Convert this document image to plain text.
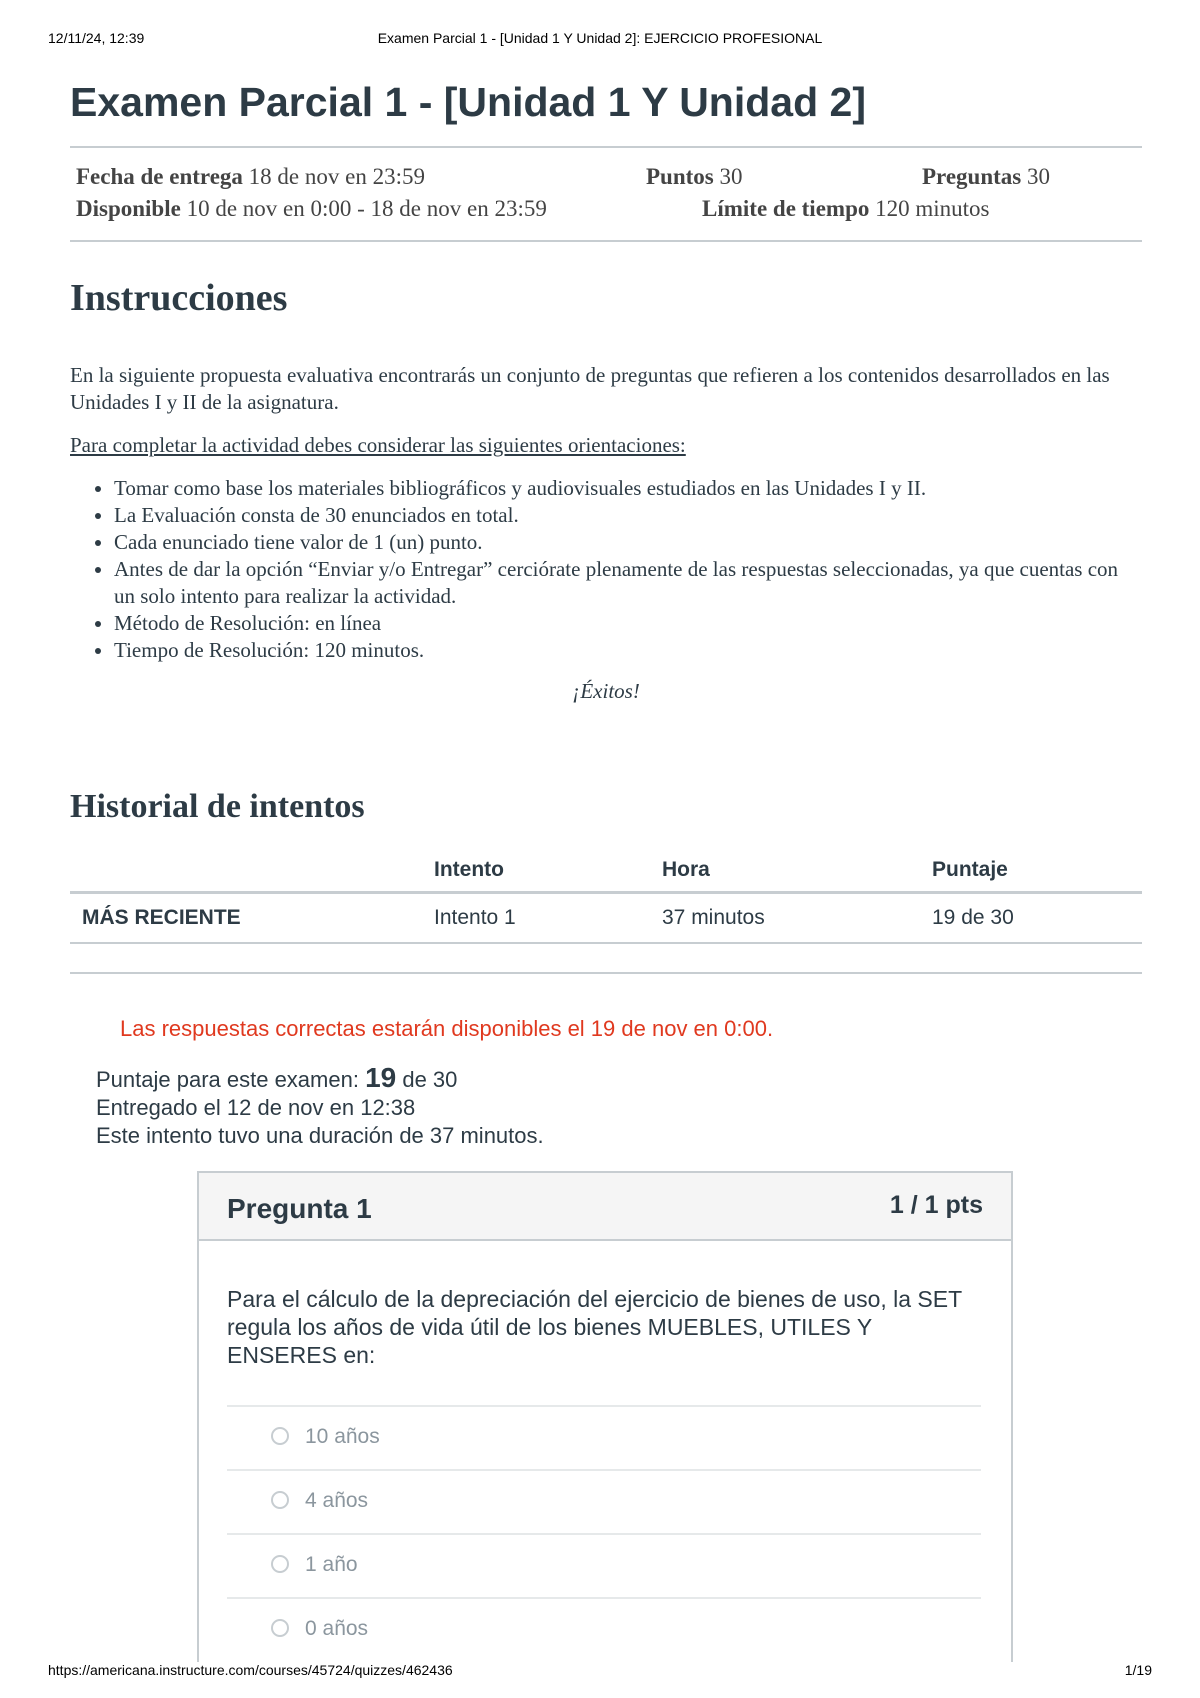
12/11/24, 12:39	Examen Parcial 1 - [Unidad 1 Y Unidad 2]: EJERCICIO PROFESIONAL
Examen Parcial 1 - [Unidad 1 Y Unidad 2]
Fecha de entrega 18 de nov en 23:59	Puntos 30	Preguntas 30
Disponible 10 de nov en 0:00 - 18 de nov en 23:59	Límite de tiempo 120 minutos
Instrucciones

En la siguiente propuesta evaluativa encontrarás un conjunto de preguntas que refieren a los contenidos desarrollados en las Unidades I y II de la asignatura.

Para completar la actividad debes considerar las siguientes orientaciones:

• Tomar como base los materiales bibliográficos y audiovisuales estudiados en las Unidades I y II.
• La Evaluación consta de 30 enunciados en total.
• Cada enunciado tiene valor de 1 (un) punto.
• Antes de dar la opción “Enviar y/o Entregar” cerciórate plenamente de las respuestas seleccionadas, ya que cuentas con un solo intento para realizar la actividad.
• Método de Resolución: en línea
• Tiempo de Resolución: 120 minutos.

¡Éxitos!

Historial de intentos
	Intento	Hora	Puntaje
MÁS RECIENTE	Intento 1	37 minutos	19 de 30
Las respuestas correctas estarán disponibles el 19 de nov en 0:00.
Puntaje para este examen: 19 de 30
Entregado el 12 de nov en 12:38
Este intento tuvo una duración de 37 minutos.
Pregunta 1	1 / 1 pts
Para el cálculo de la depreciación del ejercicio de bienes de uso, la SET regula los años de vida útil de los bienes MUEBLES, UTILES Y ENSERES en:
10 años
4 años
1 año
0 años
https://americana.instructure.com/courses/45724/quizzes/462436	1/19
